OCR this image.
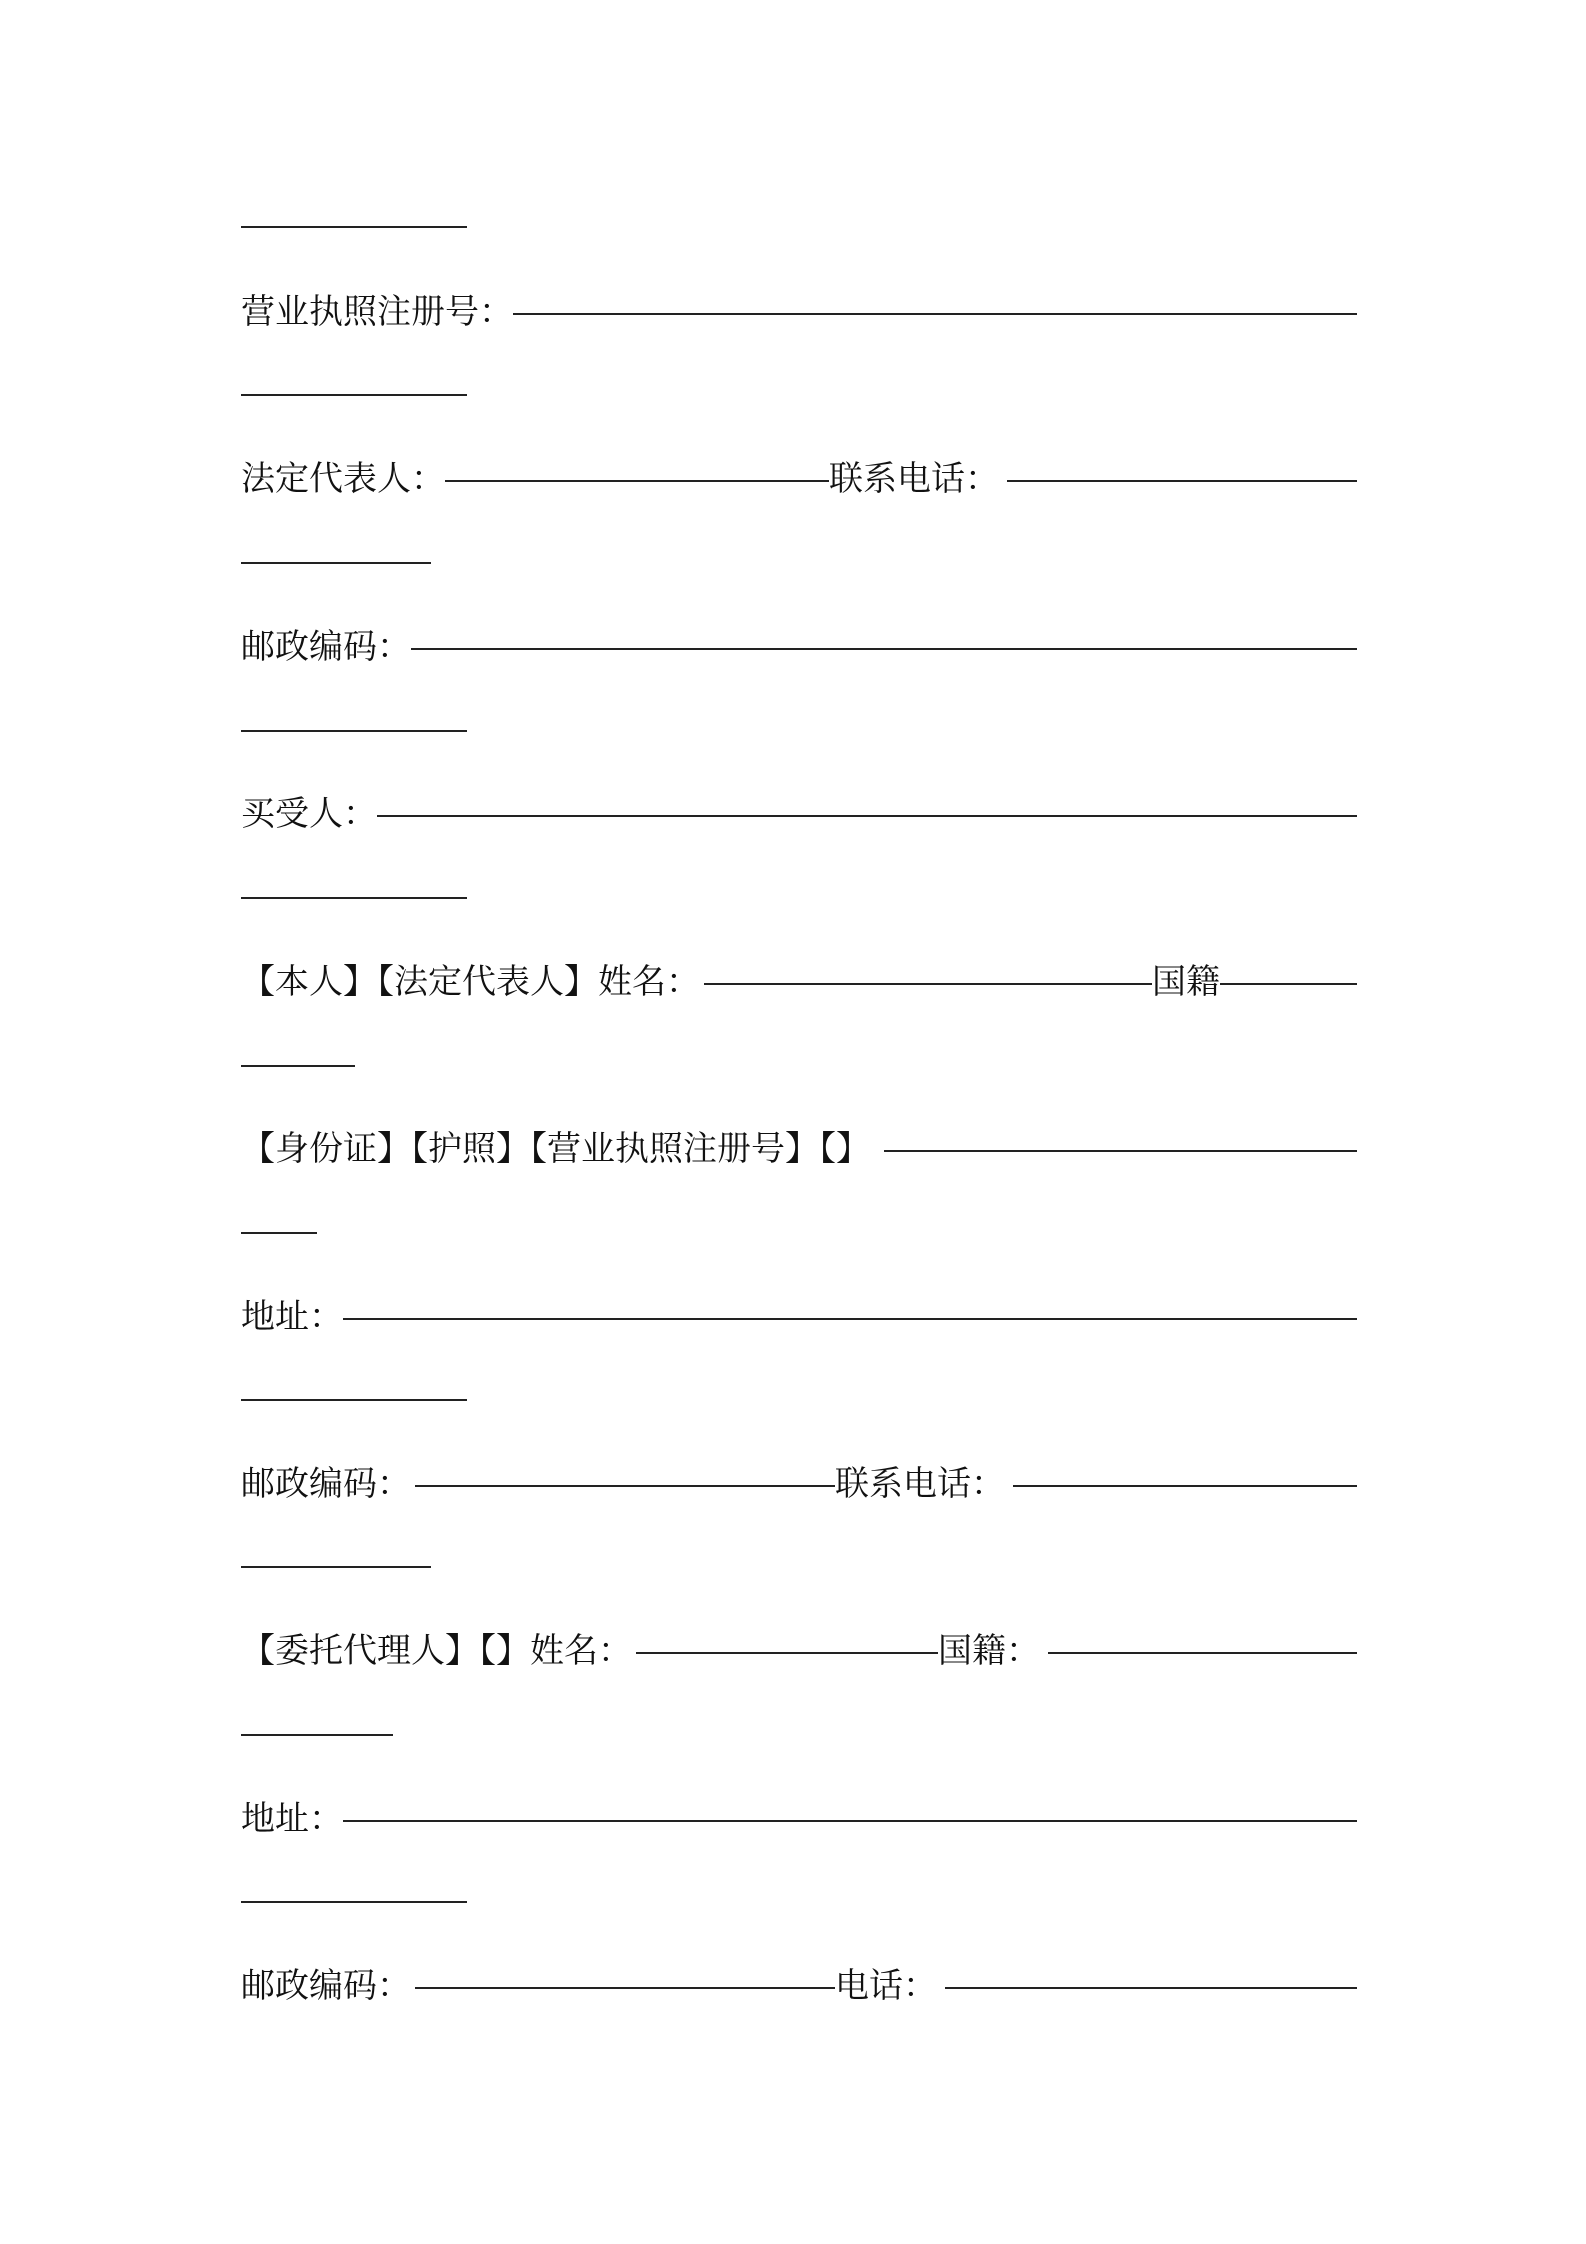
营业执照注册号：
法定代表人：	联系电话：
邮政编码：
买受人：
【本人】【法定代表人】姓名：	国籍
【身份证】【护照】【营业执照注册号】【】
地址：
邮政编码：	联系电话：
【委托代理人】【】姓名：	国籍：
地址：
邮政编码：	电话：
